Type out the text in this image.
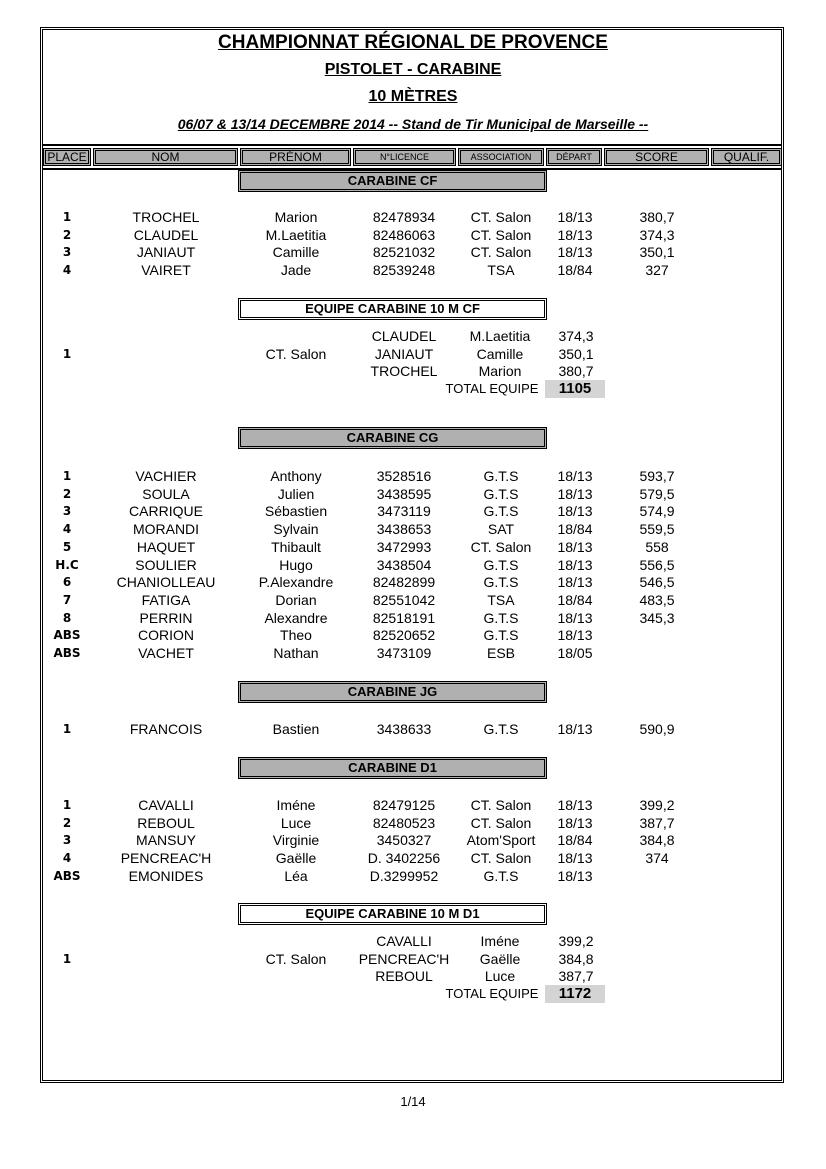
CHAMPIONNAT RÉGIONAL DE PROVENCE
PISTOLET - CARABINE
10 MÈTRES
06/07 & 13/14 DECEMBRE 2014 -- Stand de Tir Municipal de Marseille --
PLACE	NOM	PRÉNOM	N°LICENCE	ASSOCIATION	DÉPART	SCORE	QUALIF.
CARABINE CF
1	TROCHEL	Marion	82478934	CT. Salon	18/13	380,7
2	CLAUDEL	M.Laetitia	82486063	CT. Salon	18/13	374,3
3	JANIAUT	Camille	82521032	CT. Salon	18/13	350,1
4	VAIRET	Jade	82539248	TSA	18/84	327
EQUIPE CARABINE 10 M CF
1	CT. Salon
CLAUDEL	M.Laetitia	374,3
JANIAUT	Camille	350,1
TROCHEL	Marion	380,7
TOTAL EQUIPE	1105
CARABINE CG
1	VACHIER	Anthony	3528516	G.T.S	18/13	593,7
2	SOULA	Julien	3438595	G.T.S	18/13	579,5
3	CARRIQUE	Sébastien	3473119	G.T.S	18/13	574,9
4	MORANDI	Sylvain	3438653	SAT	18/84	559,5
5	HAQUET	Thibault	3472993	CT. Salon	18/13	558
H.C	SOULIER	Hugo	3438504	G.T.S	18/13	556,5
6	CHANIOLLEAU	P.Alexandre	82482899	G.T.S	18/13	546,5
7	FATIGA	Dorian	82551042	TSA	18/84	483,5
8	PERRIN	Alexandre	82518191	G.T.S	18/13	345,3
ABS	CORION	Theo	82520652	G.T.S	18/13
ABS	VACHET	Nathan	3473109	ESB	18/05
CARABINE JG
1	FRANCOIS	Bastien	3438633	G.T.S	18/13	590,9
CARABINE D1
1	CAVALLI	Iméne	82479125	CT. Salon	18/13	399,2
2	REBOUL	Luce	82480523	CT. Salon	18/13	387,7
3	MANSUY	Virginie	3450327	Atom'Sport	18/84	384,8
4	PENCREAC'H	Gaëlle	D. 3402256	CT. Salon	18/13	374
ABS	EMONIDES	Léa	D.3299952	G.T.S	18/13
EQUIPE CARABINE 10 M D1
1	CT. Salon
CAVALLI	Iméne	399,2
PENCREAC'H	Gaëlle	384,8
REBOUL	Luce	387,7
TOTAL EQUIPE	1172
1/14
